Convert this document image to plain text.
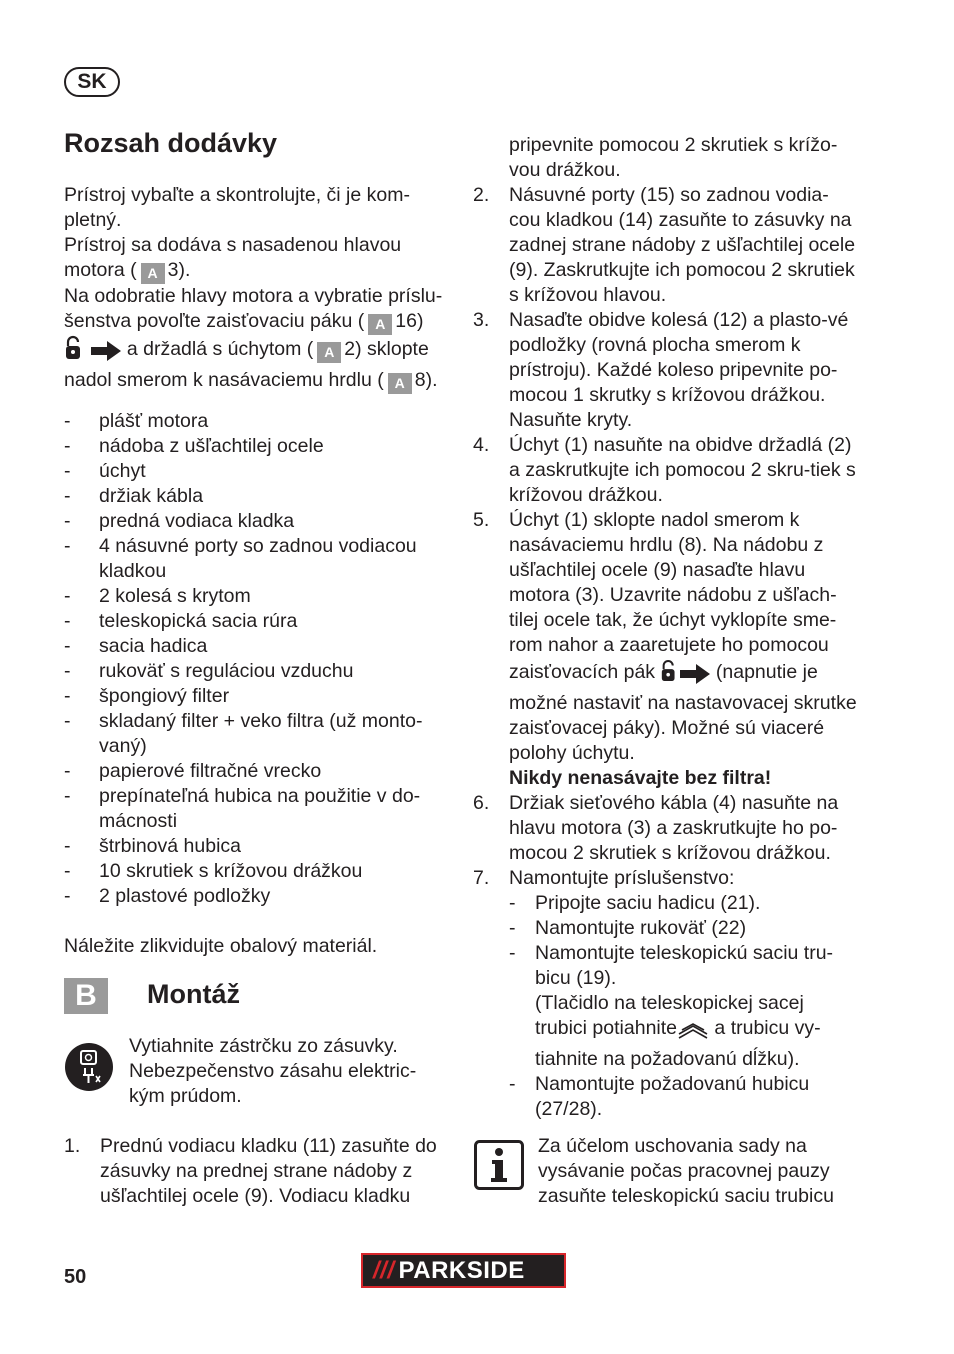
SK
Rozsah dodávky
Prístroj vybaľte a skontrolujte, či je kom-
pletný.
Prístroj sa dodáva s nasadenou hlavou
motora ( A 3).
Na odobratie hlavy motora a vybratie príslu-
šenstva povoľte zaisťovaciu páku ( A 16)
a držadlá s úchytom ( A 2) sklopte
nadol smerom k nasávaciemu hrdlu ( A 8).
- plášť motora
- nádoba z ušľachtilej ocele
- úchyt
- držiak kábla
- predná vodiaca kladka
- 4 násuvné porty so zadnou vodiacou kladkou
- 2 kolesá s krytom
- teleskopická sacia rúra
- sacia hadica
- rukoväť s reguláciou vzduchu
- špongiový filter
- skladaný filter + veko filtra (už monto-vaný)
- papierové filtračné vrecko
- prepínateľná hubica na použitie v do-mácnosti
- štrbinová hubica
- 10 skrutiek s krížovou drážkou
- 2 plastové podložky
Náležite zlikvidujte obalový materiál.
B	Montáž
Vytiahnite zástrčku zo zásuvky. Nebezpečenstvo zásahu elektric-kým prúdom.
1. Prednú vodiacu kladku (11) zasuňte do zásuvky na prednej strane nádoby z ušľachtilej ocele (9). Vodiacu kladku
pripevnite pomocou 2 skrutiek s krížo-vou drážkou.
2. Násuvné porty (15) so zadnou vodia-cou kladkou (14) zasuňte to zásuvky na zadnej strane nádoby z ušľachtilej ocele (9). Zaskrutkujte ich pomocou 2 skrutiek s krížovou hlavou.
3. Nasaďte obidve kolesá (12) a plasto-vé podložky (rovná plocha smerom k prístroju). Každé koleso pripevnite po-mocou 1 skrutky s krížovou drážkou. Nasuňte kryty.
4. Úchyt (1) nasuňte na obidve držadlá (2) a zaskrutkujte ich pomocou 2 skru-tiek s krížovou drážkou.
5. Úchyt (1) sklopte nadol smerom k nasávaciemu hrdlu (8). Na nádobu z ušľachtilej ocele (9) nasaďte hlavu motora (3). Uzavrite nádobu z ušľach-tilej ocele tak, že úchyt vyklopíte sme-rom nahor a zaaretujete ho pomocou zaisťovacích pák	(napnutie je možné nastaviť na nastavovacej skrutke zaisťovacej páky). Možné sú viaceré polohy úchytu.
Nikdy nenasávajte bez filtra!
6. Držiak sieťového kábla (4) nasuňte na hlavu motora (3) a zaskrutkujte ho po-mocou 2 skrutiek s krížovou drážkou.
7. Namontujte príslušenstvo:
- Pripojte saciu hadicu (21).
- Namontujte rukoväť (22)
- Namontujte teleskopickú saciu tru-bicu (19).
(Tlačidlo na teleskopickej sacej trubici potiahnite a trubicu vy-tiahnite na požadovanú dĺžku).
- Namontujte požadovanú hubicu (27/28).
Za účelom uschovania sady na vysávanie počas pracovnej pauzy zasuňte teleskopickú saciu trubicu
50	/// PARKSIDE
